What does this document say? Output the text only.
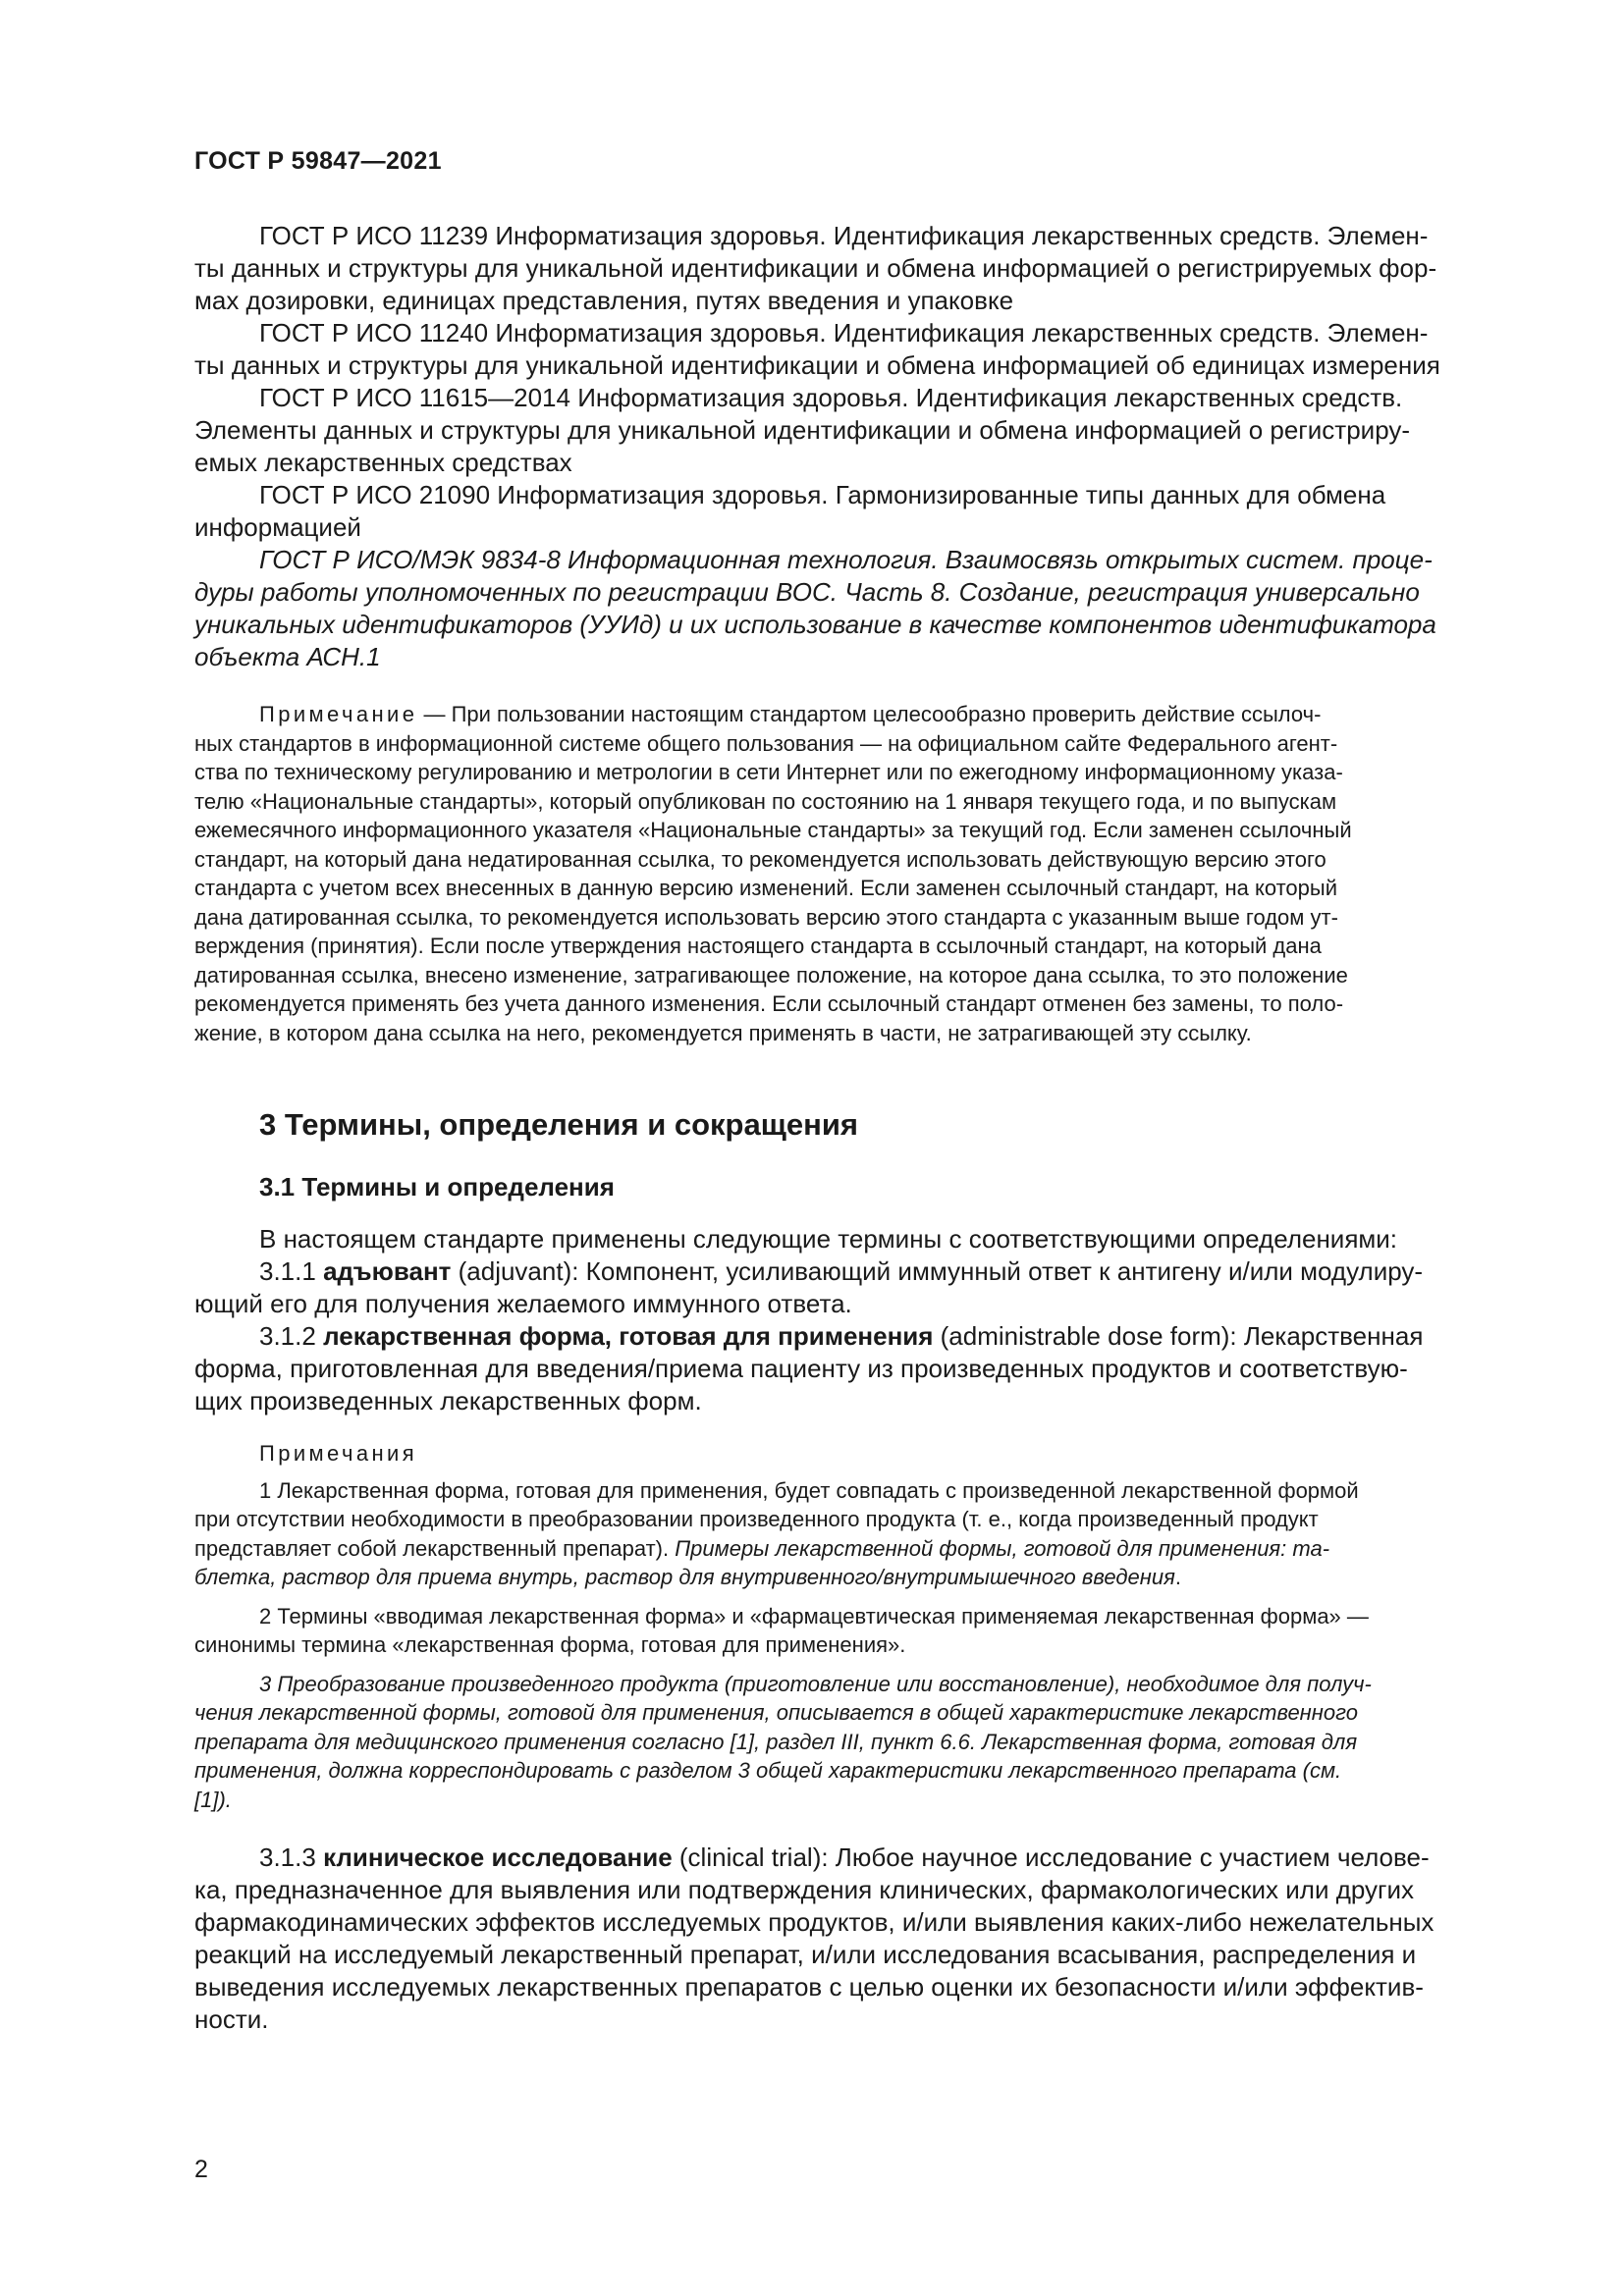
ГОСТ Р 59847—2021

ГОСТ Р ИСО 11239 Информатизация здоровья. Идентификация лекарственных средств. Элемен-
ты данных и структуры для уникальной идентификации и обмена информацией о регистрируемых фор-
мах дозировки, единицах представления, путях введения и упаковке

ГОСТ Р ИСО 11240 Информатизация здоровья. Идентификация лекарственных средств. Элемен-
ты данных и структуры для уникальной идентификации и обмена информацией об единицах измерения

ГОСТ Р ИСО 11615—2014 Информатизация здоровья. Идентификация лекарственных средств.
Элементы данных и структуры для уникальной идентификации и обмена информацией о регистриру-
емых лекарственных средствах

ГОСТ Р ИСО 21090 Информатизация здоровья. Гармонизированные типы данных для обмена
информацией

ГОСТ Р ИСО/МЭК 9834-8 Информационная технология. Взаимосвязь открытых систем. проце-
дуры работы уполномоченных по регистрации ВОС. Часть 8. Создание, регистрация универсально
уникальных идентификаторов (УУИд) и их использование в качестве компонентов идентификатора
объекта АСН.1

Примечание — При пользовании настоящим стандартом целесообразно проверить действие ссылоч-
ных стандартов в информационной системе общего пользования — на официальном сайте Федерального агент-
ства по техническому регулированию и метрологии в сети Интернет или по ежегодному информационному указа-
телю «Национальные стандарты», который опубликован по состоянию на 1 января текущего года, и по выпускам
ежемесячного информационного указателя «Национальные стандарты» за текущий год. Если заменен ссылочный
стандарт, на который дана недатированная ссылка, то рекомендуется использовать действующую версию этого
стандарта с учетом всех внесенных в данную версию изменений. Если заменен ссылочный стандарт, на который
дана датированная ссылка, то рекомендуется использовать версию этого стандарта с указанным выше годом ут-
верждения (принятия). Если после утверждения настоящего стандарта в ссылочный стандарт, на который дана
датированная ссылка, внесено изменение, затрагивающее положение, на которое дана ссылка, то это положение
рекомендуется применять без учета данного изменения. Если ссылочный стандарт отменен без замены, то поло-
жение, в котором дана ссылка на него, рекомендуется применять в части, не затрагивающей эту ссылку.

3 Термины, определения и сокращения
3.1 Термины и определения

В настоящем стандарте применены следующие термины с соответствующими определениями:

3.1.1 адъювант (adjuvant): Компонент, усиливающий иммунный ответ к антигену и/или модулиру-
ющий его для получения желаемого иммунного ответа.

3.1.2 лекарственная форма, готовая для применения (administrable dose form): Лекарственная
форма, приготовленная для введения/приема пациенту из произведенных продуктов и соответствую-
щих произведенных лекарственных форм.

Примечания

1 Лекарственная форма, готовая для применения, будет совпадать с произведенной лекарственной формой
при отсутствии необходимости в преобразовании произведенного продукта (т. е., когда произведенный продукт
представляет собой лекарственный препарат). Примеры лекарственной формы, готовой для применения: та-
блетка, раствор для приема внутрь, раствор для внутривенного/внутримышечного введения.

2 Термины «вводимая лекарственная форма» и «фармацевтическая применяемая лекарственная форма» —
синонимы термина «лекарственная форма, готовая для применения».

3 Преобразование произведенного продукта (приготовление или восстановление), необходимое для получ-
чения лекарственной формы, готовой для применения, описывается в общей характеристике лекарственного
препарата для медицинского применения согласно [1], раздел III, пункт 6.6. Лекарственная форма, готовая для
применения, должна корреспондировать с разделом 3 общей характеристики лекарственного препарата (см.
[1]).

3.1.3 клиническое исследование (clinical trial): Любое научное исследование с участием челове-
ка, предназначенное для выявления или подтверждения клинических, фармакологических или других
фармакодинамических эффектов исследуемых продуктов, и/или выявления каких-либо нежелательных
реакций на исследуемый лекарственный препарат, и/или исследования всасывания, распределения и
выведения исследуемых лекарственных препаратов с целью оценки их безопасности и/или эффектив-
ности.

2
